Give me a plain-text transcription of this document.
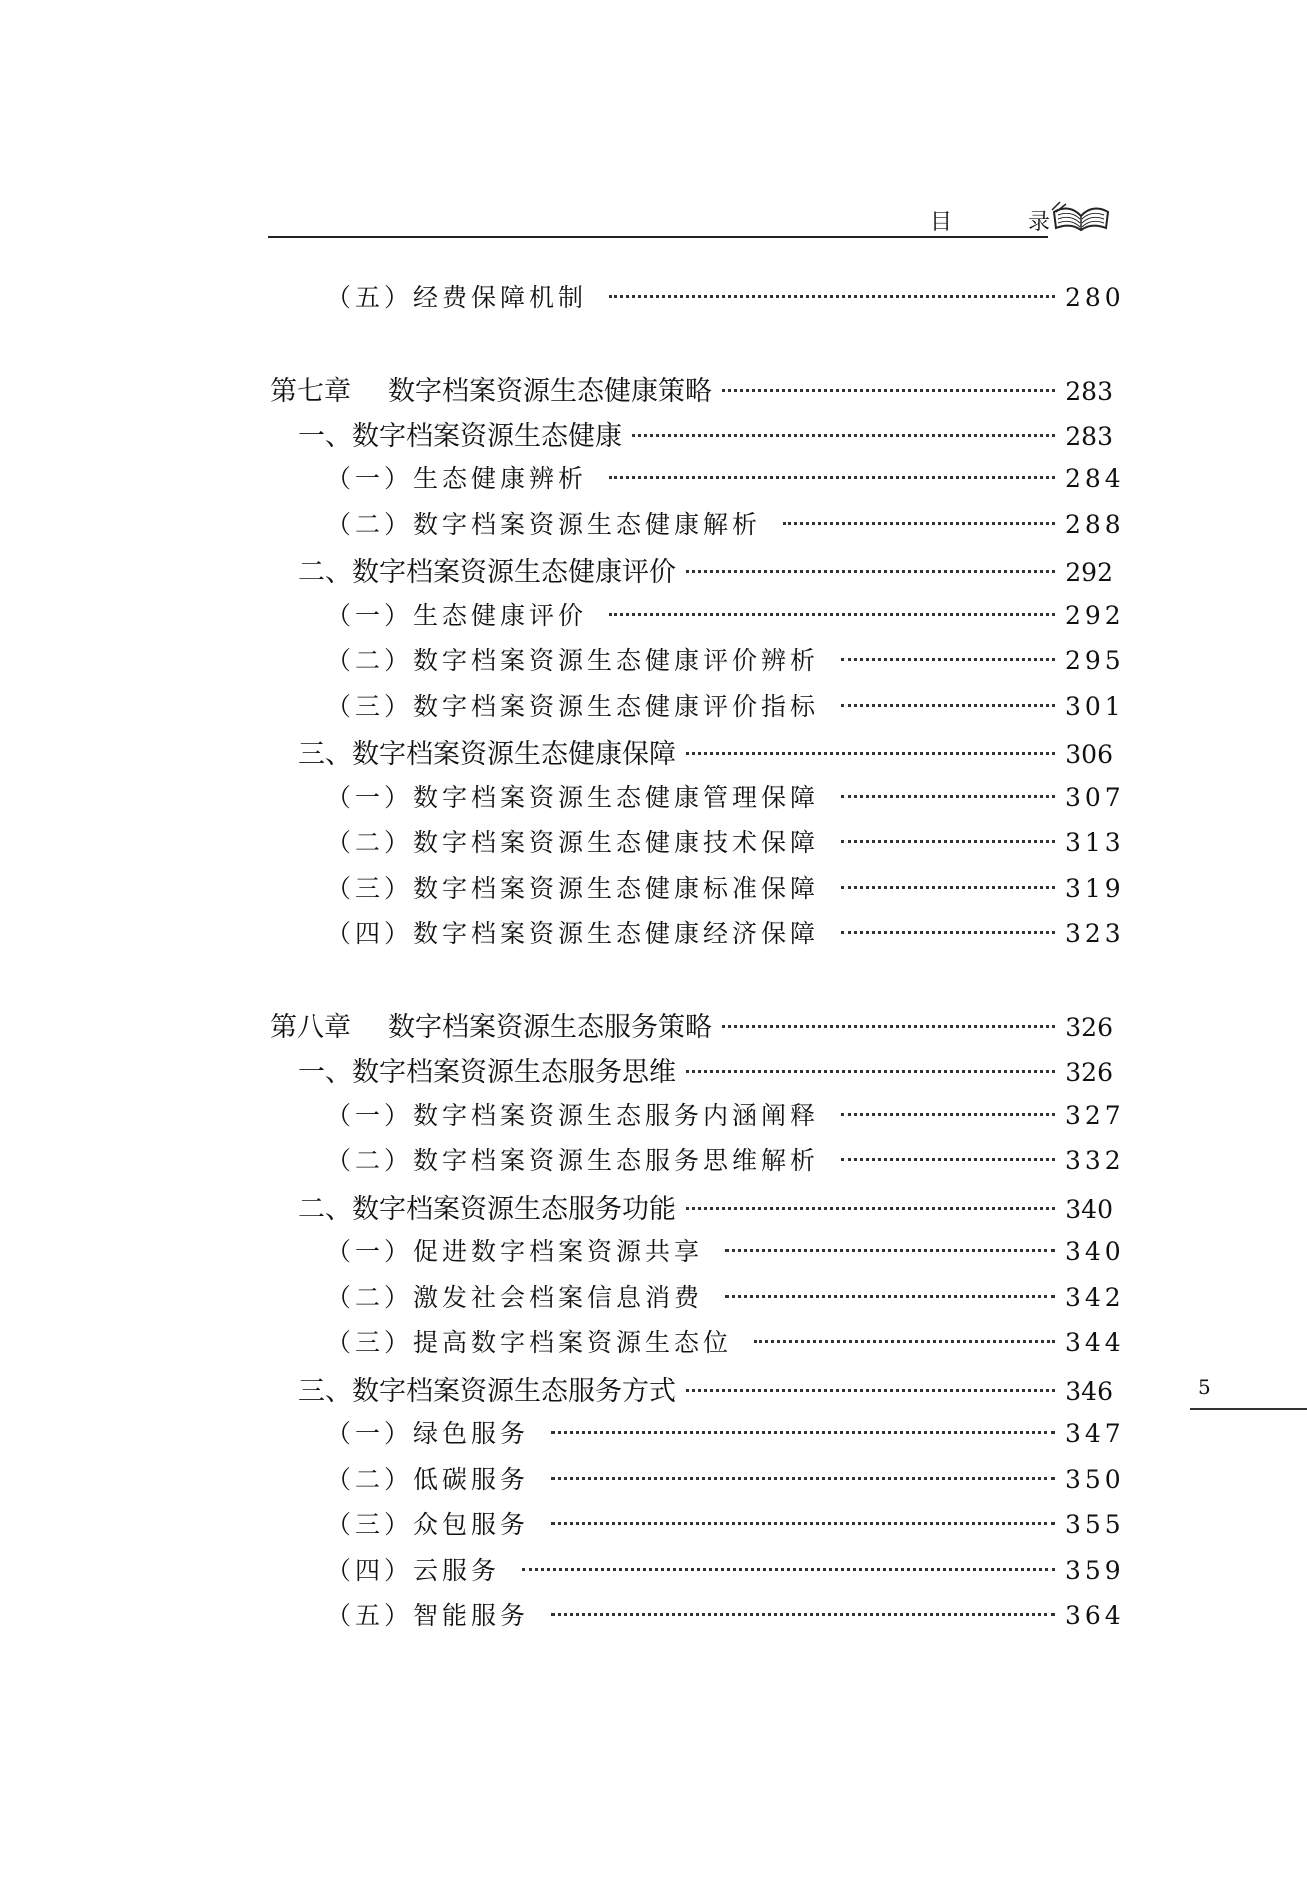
目	录
（五）经费保障机制	280
第七章 数字档案资源生态健康策略	283
一、数字档案资源生态健康	283
（一）生态健康辨析	284
（二）数字档案资源生态健康解析	288
二、数字档案资源生态健康评价	292
（一）生态健康评价	292
（二）数字档案资源生态健康评价辨析	295
（三）数字档案资源生态健康评价指标	301
三、数字档案资源生态健康保障	306
（一）数字档案资源生态健康管理保障	307
（二）数字档案资源生态健康技术保障	313
（三）数字档案资源生态健康标准保障	319
（四）数字档案资源生态健康经济保障	323
第八章 数字档案资源生态服务策略	326
一、数字档案资源生态服务思维	326
（一）数字档案资源生态服务内涵阐释	327
（二）数字档案资源生态服务思维解析	332
二、数字档案资源生态服务功能	340
（一）促进数字档案资源共享	340
（二）激发社会档案信息消费	342
（三）提高数字档案资源生态位	344
三、数字档案资源生态服务方式	346
（一）绿色服务	347
（二）低碳服务	350
（三）众包服务	355
（四）云服务	359
（五）智能服务	364
5
